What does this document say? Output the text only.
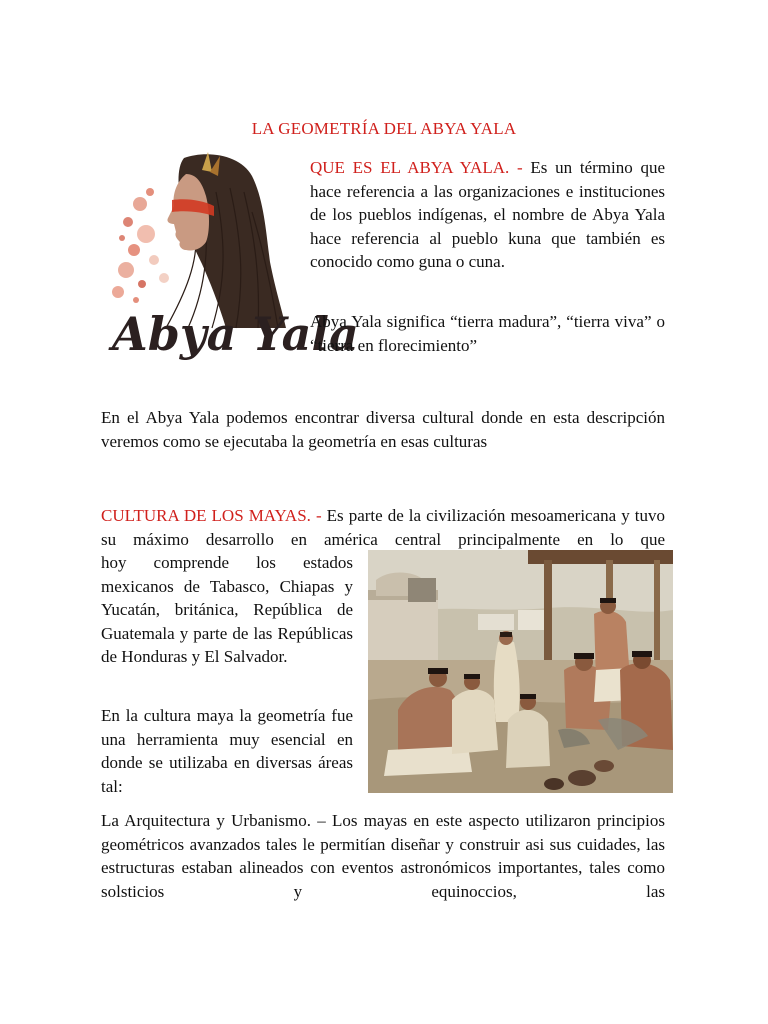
LA GEOMETRÍA DEL ABYA YALA
Abya Yala

QUE ES EL ABYA YALA. - Es un término que hace referencia a las organizaciones e instituciones de los pueblos indígenas, el nombre de Abya Yala hace referencia al pueblo kuna que también es conocido como guna o cuna.

Abya Yala significa “tierra madura”, “tierra viva” o “tierra en florecimiento”

En el Abya Yala podemos encontrar diversa cultural donde en esta descripción veremos como se ejecutaba la geometría en esas culturas

CULTURA DE LOS MAYAS. - Es parte de la civilización mesoamericana y tuvo su máximo desarrollo en américa central principalmente en lo que

hoy comprende los estados mexicanos de Tabasco, Chiapas y Yucatán, británica, República de Guatemala y parte de las Repúblicas de Honduras y El Salvador.

En la cultura maya la geometría fue una herramienta muy esencial en donde se utilizaba en diversas áreas tal:

La Arquitectura y Urbanismo. – Los mayas en este aspecto utilizaron principios geométricos avanzados tales le permitían diseñar y construir asi sus cuidades, las estructuras estaban alineados con eventos astronómicos importantes, tales como solsticios y equinoccios, las
